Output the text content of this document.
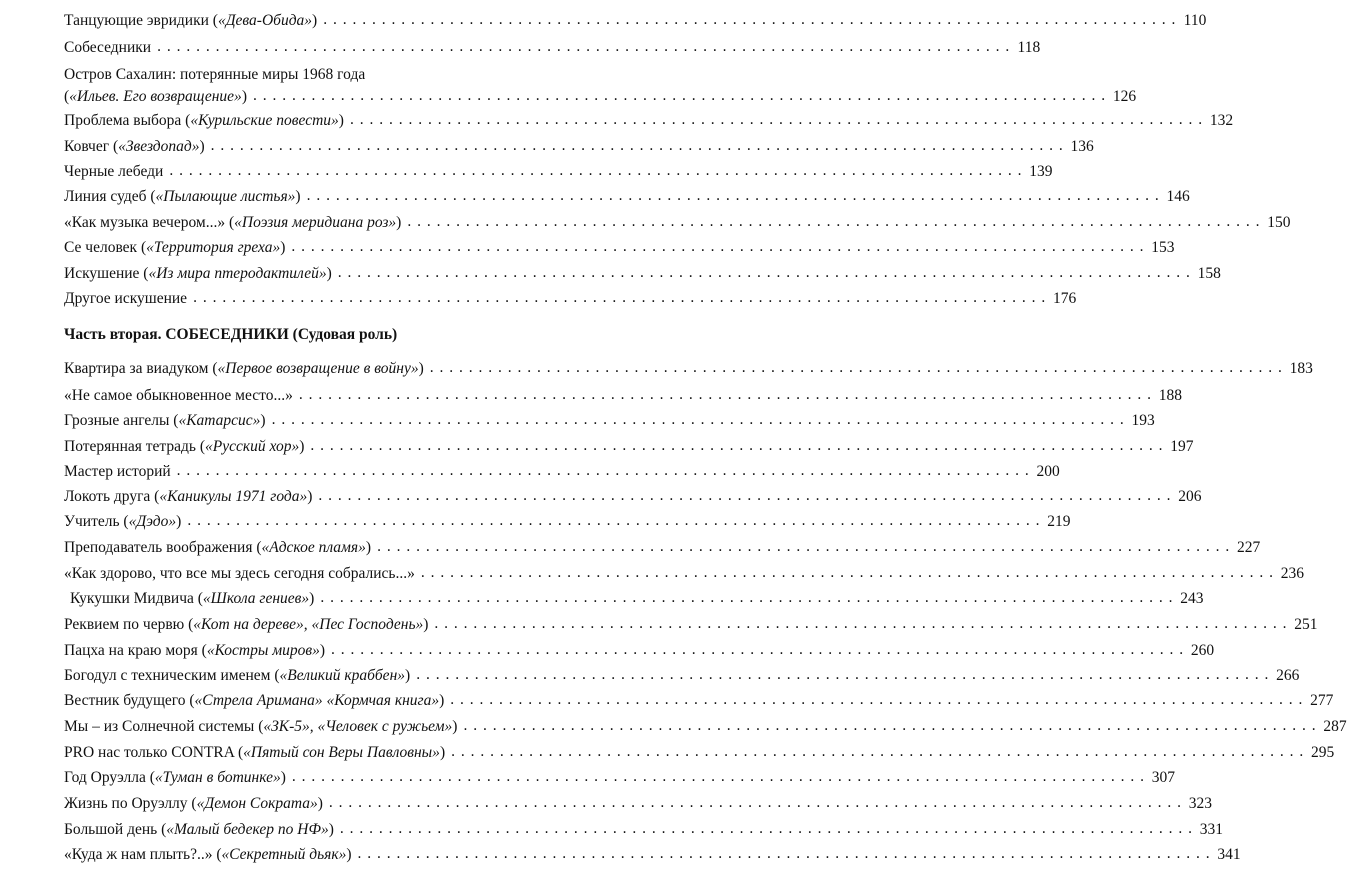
Часть вторая. СОБЕСЕДНИКИ (Судовая роль)
Танцующие эвридики («Дева-Обида») . . .	110
Собеседники . . .	118
Остров Сахалин: потерянные миры 1968 года
(«Ильев. Его возвращение») . . .	126
Проблема выбора («Курильские повести») . . .	132
Ковчег («Звездопад») . . .	136
Черные лебеди . . .	139
Линия судеб («Пылающие листья») . . .	146
«Как музыка вечером...» («Поэзия меридиана роз») . . .	150
Се человек («Территория греха») . . .	153
Искушение («Из мира птеродактилей») . . .	158
Другое искушение . . .	176
Квартира за виадуком («Первое возвращение в войну») . . .	183
«Не самое обыкновенное место...» . . .	188
Грозные ангелы («Катарсис») . . .	193
Потерянная тетрадь («Русский хор») . . .	197
Мастер историй . . .	200
Локоть друга («Каникулы 1971 года») . . .	206
Учитель («Дэдо») . . .	219
Преподаватель воображения («Адское пламя») . . .	227
«Как здорово, что все мы здесь сегодня собрались...» . . .	236
Кукушки Мидвича («Школа гениев») . . .	243
Реквием по червю («Кот на дереве», «Пес Господень») . . .	251
Пацха на краю моря («Костры миров») . . .	260
Богодул с техническим именем («Великий краббен») . . .	266
Вестник будущего («Стрела Аримана» «Кормчая книга») . . .	277
Мы – из Солнечной системы («ЗК-5», «Человек с ружьем») . . .	287
PRO нас только CONTRA («Пятый сон Веры Павловны») . . .	295
Год Оруэлла («Туман в ботинке») . . .	307
Жизнь по Оруэллу («Демон Сократа») . . .	323
Большой день («Малый бедекер по НФ») . . .	331
«Куда ж нам плыть?..» («Секретный дьяк») . . .	341
